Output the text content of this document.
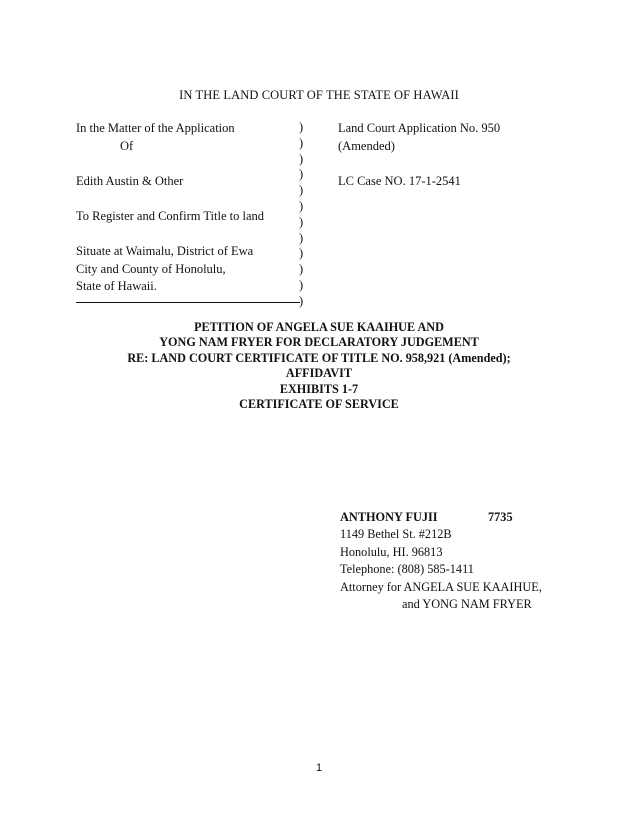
IN THE LAND COURT OF THE STATE OF HAWAII
In the Matter of the Application
Of
Edith Austin & Other
To Register and Confirm Title to land
Situate at Waimalu, District of Ewa
City and County of Honolulu,
State of Hawaii.
)
)
)
)
)
)
)
)
)
)
)
)
Land Court Application No. 950
(Amended)
LC Case NO. 17-1-2541
PETITION OF ANGELA SUE KAAIHUE AND
YONG NAM FRYER FOR DECLARATORY JUDGEMENT
RE: LAND COURT CERTIFICATE OF TITLE NO. 958,921 (Amended);
AFFIDAVIT
EXHIBITS 1-7
CERTIFICATE OF SERVICE
ANTHONY FUJII	7735
1149 Bethel St. #212B
Honolulu, HI. 96813
Telephone: (808) 585-1411
Attorney for ANGELA SUE KAAIHUE,
and YONG NAM FRYER
1
